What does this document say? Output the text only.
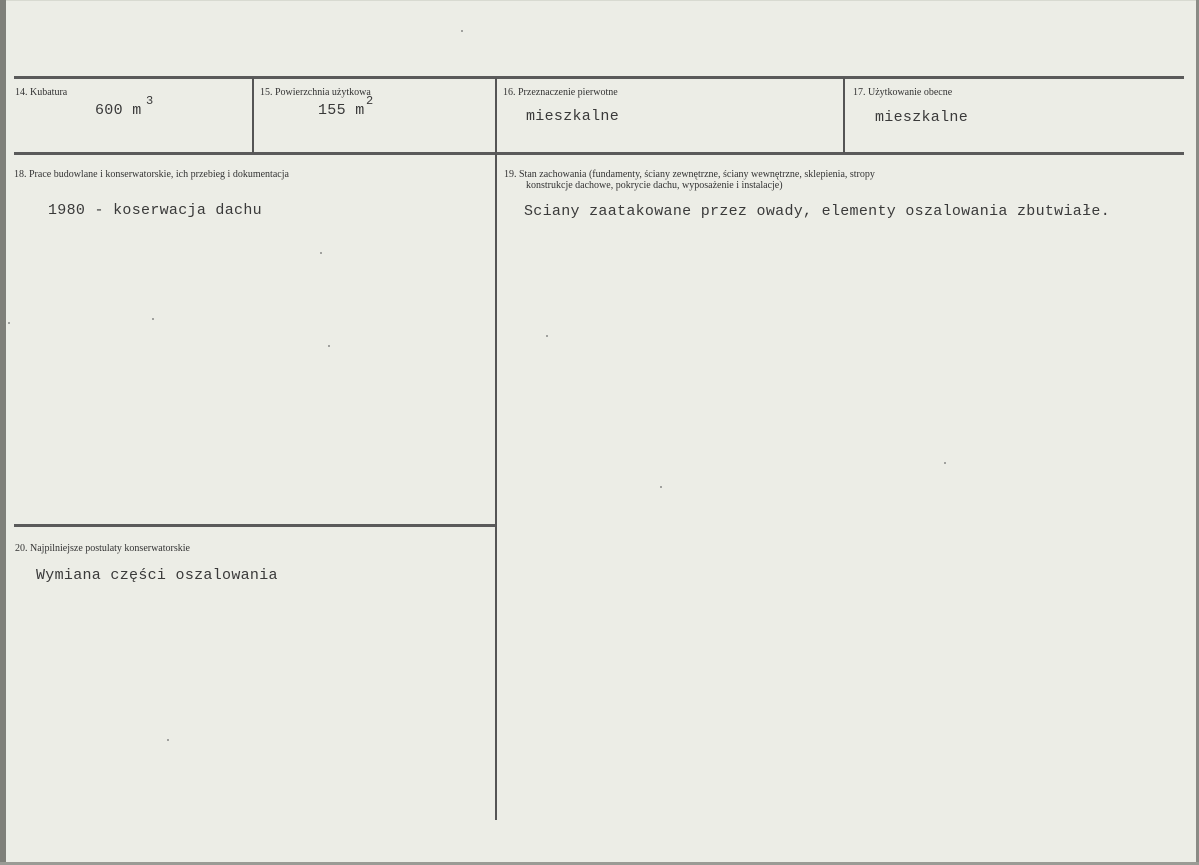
14. Kubatura
600 m
3
15. Powierzchnia użytkowa
155 m
2
16. Przeznaczenie pierwotne
mieszkalne
17. Użytkowanie obecne
mieszkalne
18. Prace budowlane i konserwatorskie, ich przebieg i dokumentacja
1980 - koserwacja dachu
19. Stan zachowania (fundamenty, ściany zewnętrzne, ściany wewnętrzne, sklepienia, stropy
konstrukcje dachowe, pokrycie dachu, wyposażenie i instalacje)
Sciany zaatakowane przez owady, elementy oszalowania zbutwiałe.
20. Najpilniejsze postulaty konserwatorskie
Wymiana części oszalowania
